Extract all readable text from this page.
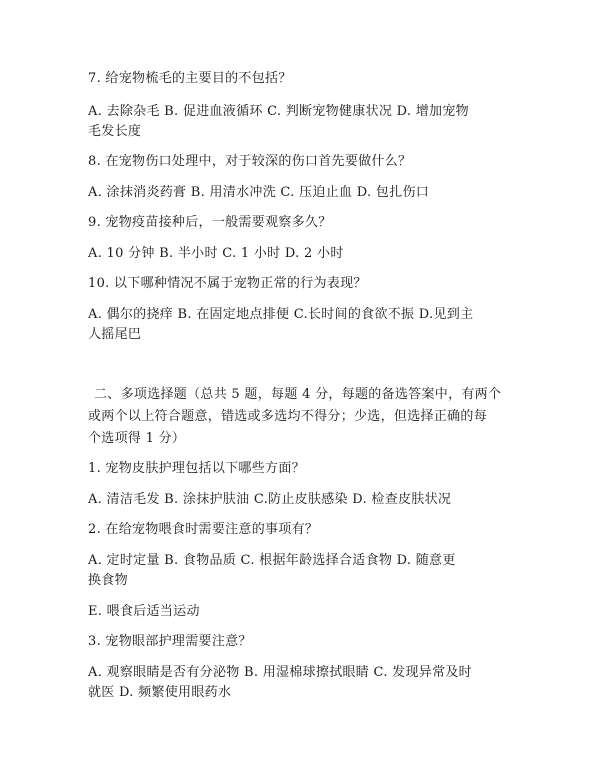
7. 给宠物梳毛的主要目的不包括？
A. 去除杂毛 B. 促进血液循环 C. 判断宠物健康状况 D. 增加宠物
毛发长度
8. 在宠物伤口处理中，对于较深的伤口首先要做什么？
A. 涂抹消炎药膏 B. 用清水冲洗 C. 压迫止血 D. 包扎伤口
9. 宠物疫苗接种后，一般需要观察多久？
A. 10 分钟 B. 半小时 C. 1 小时 D. 2 小时
10. 以下哪种情况不属于宠物正常的行为表现？
A. 偶尔的挠痒 B. 在固定地点排便 C.长时间的食欲不振 D.见到主
人摇尾巴
二、多项选择题（总共 5 题，每题 4 分，每题的备选答案中，有两个
或两个以上符合题意，错选或多选均不得分；少选，但选择正确的每
个选项得 1 分）
1. 宠物皮肤护理包括以下哪些方面？
A. 清洁毛发 B. 涂抹护肤油 C.防止皮肤感染 D. 检查皮肤状况
2. 在给宠物喂食时需要注意的事项有？
A. 定时定量 B. 食物品质 C. 根据年龄选择合适食物 D. 随意更
换食物
E. 喂食后适当运动
3. 宠物眼部护理需要注意？
A. 观察眼睛是否有分泌物 B. 用湿棉球擦拭眼睛 C. 发现异常及时
就医 D. 频繁使用眼药水
